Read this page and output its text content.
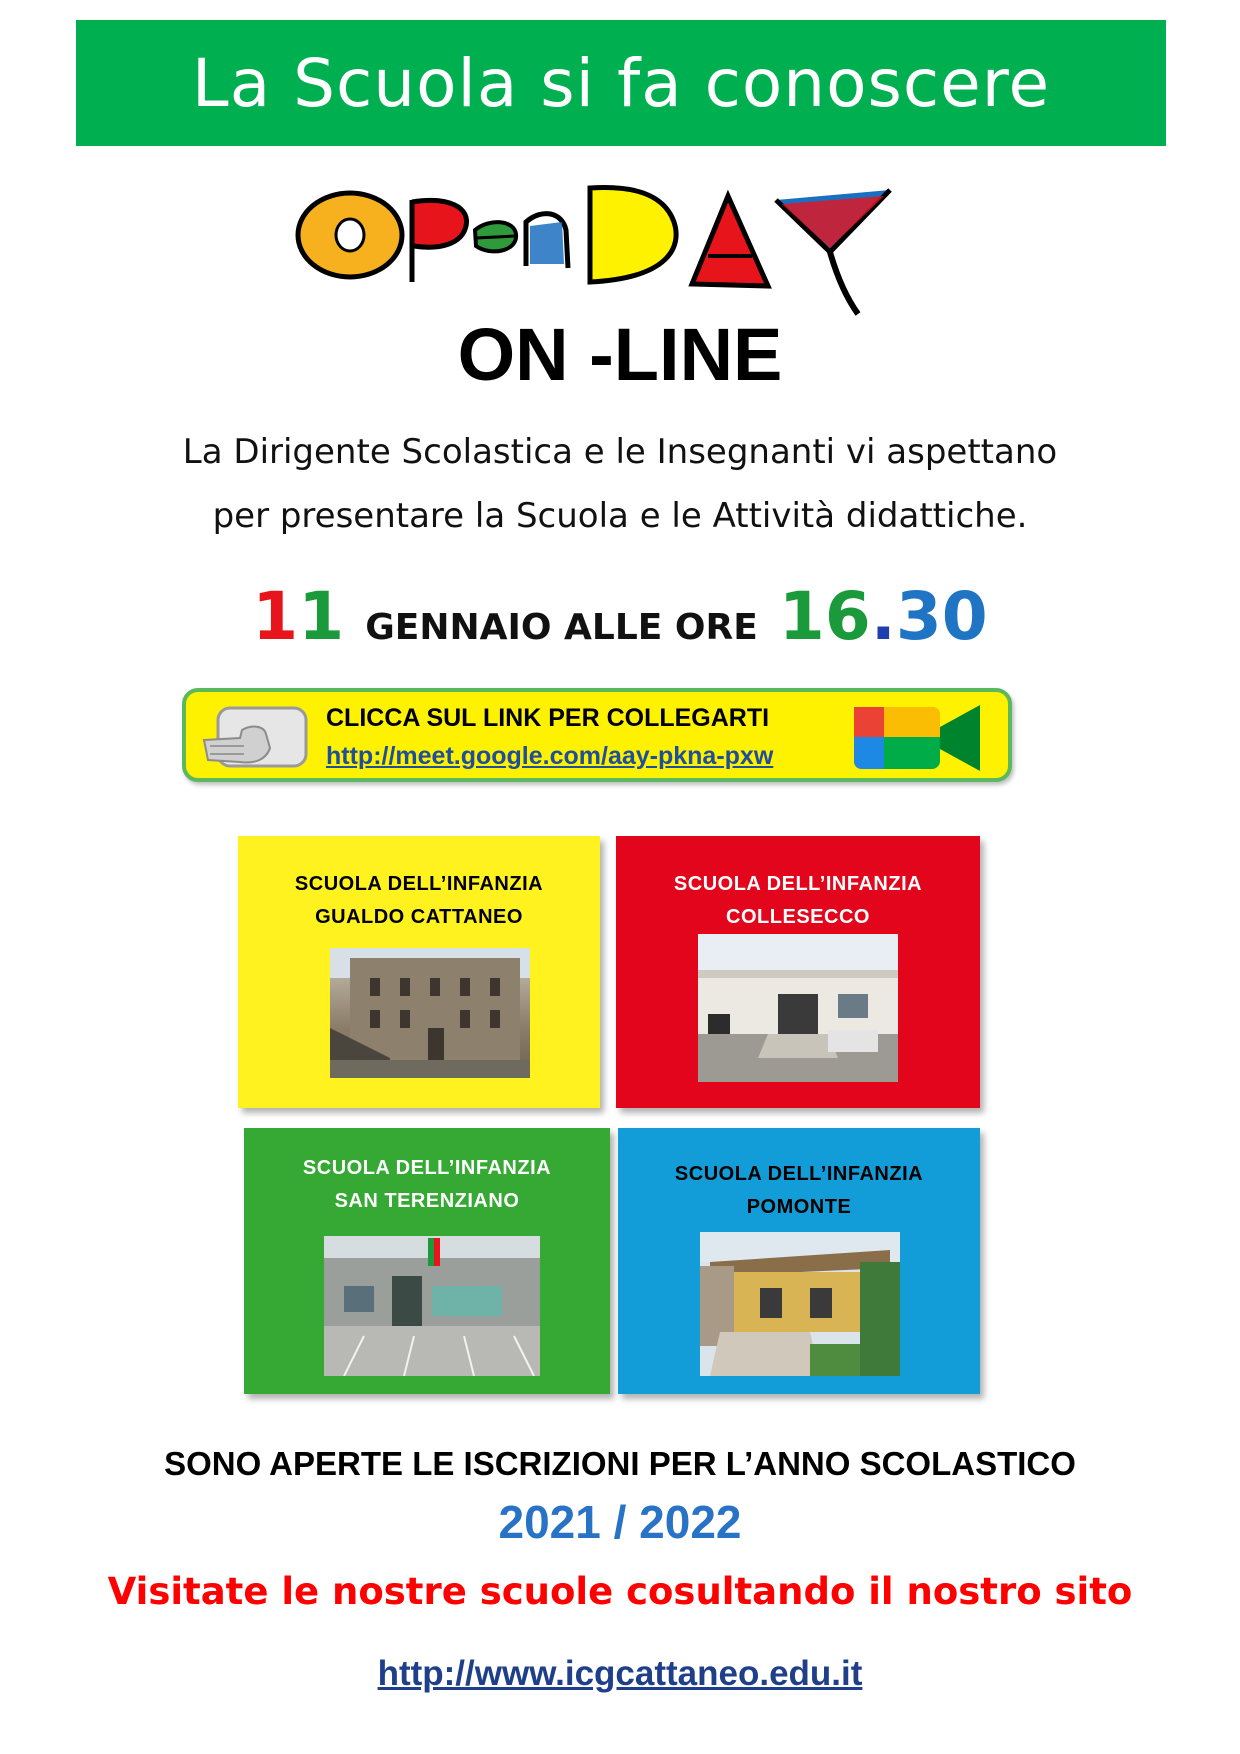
La Scuola si fa conoscere
OPEN DAY
ON -LINE
La Dirigente Scolastica e le Insegnanti vi aspettano
per presentare la Scuola e le Attività didattiche.
11 GENNAIO ALLE ORE 16.30
CLICCA SUL LINK PER COLLEGARTI
http://meet.google.com/aay-pkna-pxw
SCUOLA DELL’INFANZIA
GUALDO CATTANEO
SCUOLA DELL’INFANZIA
COLLESECCO
SCUOLA DELL’INFANZIA
SAN TERENZIANO
SCUOLA DELL’INFANZIA
POMONTE
SONO APERTE LE ISCRIZIONI PER L’ANNO SCOLASTICO
2021 / 2022
Visitate le nostre scuole cosultando il nostro sito
http://www.icgcattaneo.edu.it
